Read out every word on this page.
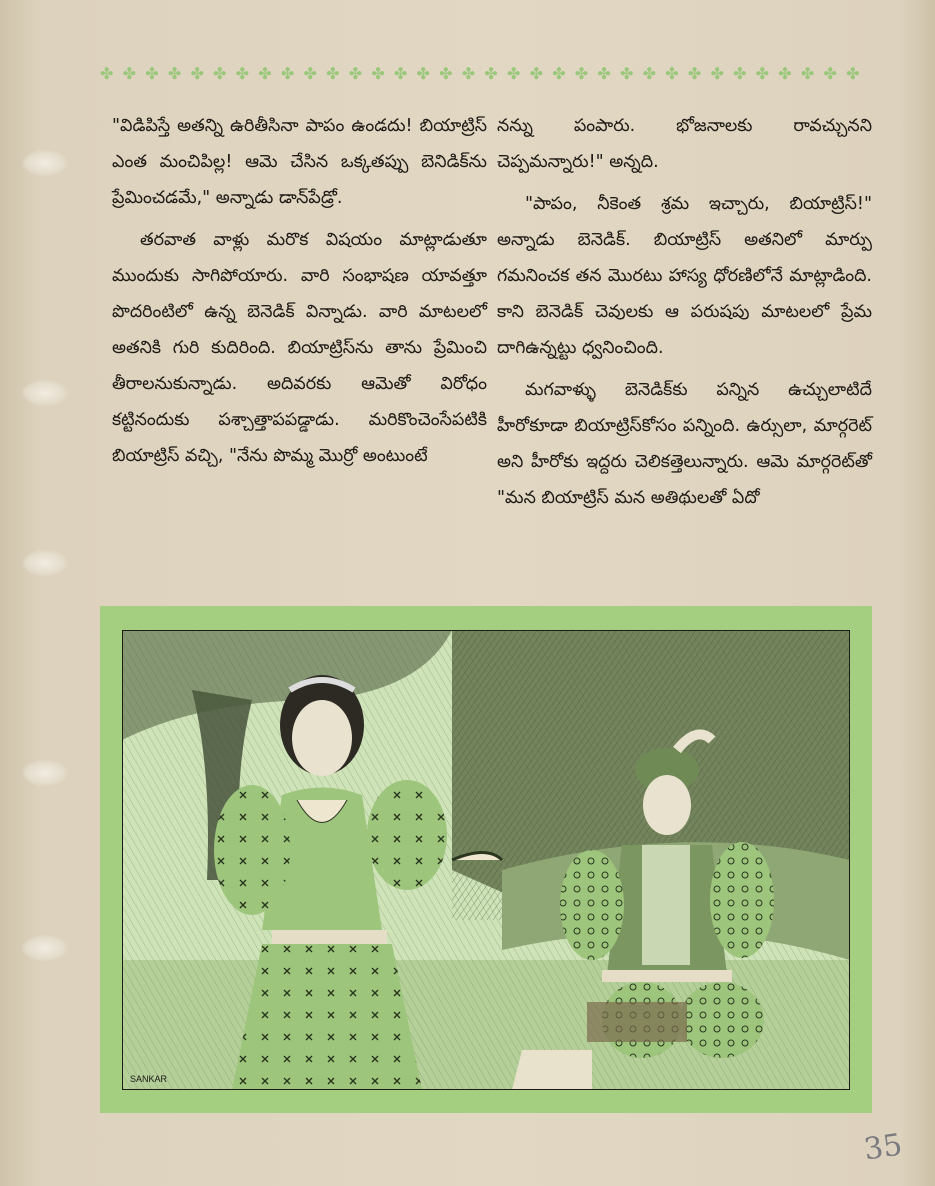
✤ ✤ ✤ ✤ ✤ ✤ ✤ ✤ ✤ ✤ ✤ ✤ ✤ ✤ ✤ ✤ ✤ ✤ ✤ ✤ ✤ ✤ ✤ ✤ ✤ ✤ ✤ ✤ ✤ ✤ ✤ ✤ ✤ ✤

"విడిపిస్తే అతన్ని ఉరితీసినా పాపం ఉండదు! బియాట్రిస్ ఎంత మంచిపిల్ల! ఆమె చేసిన ఒక్కతప్పు బెనిడిక్‌ను ప్రేమించడమే," అన్నాడు డాన్‌పేడ్రో.

తరవాత వాళ్లు మరొక విషయం మాట్లాడుతూ ముందుకు సాగిపోయారు. వారి సంభాషణ యావత్తూ పొదరింటిలో ఉన్న బెనెడిక్ విన్నాడు. వారి మాటలలో అతనికి గురి కుదిరింది. బియాట్రిస్‌ను తాను ప్రేమించి తీరాలనుకున్నాడు. అదివరకు ఆమెతో విరోధం కట్టినందుకు పశ్చాత్తాపపడ్డాడు. మరికొంచెంసేపటికి బియాట్రిస్ వచ్చి, "నేను పొమ్మ మొర్రో అంటుంటే

నన్ను పంపారు. భోజనాలకు రావచ్చునని చెప్పమన్నారు!" అన్నది.

"పాపం, నీకెంత శ్రమ ఇచ్చారు, బియాట్రిస్!" అన్నాడు బెనెడిక్. బియాట్రిస్ అతనిలో మార్పు గమనించక తన మొరటు హాస్య ధోరణిలోనే మాట్లాడింది. కాని బెనెడిక్ చెవులకు ఆ పరుషపు మాటలలో ప్రేమ దాగిఉన్నట్టు ధ్వనించింది.

మగవాళ్ళు బెనెడిక్‌కు పన్నిన ఉచ్చులాటిదే హీరోకూడా బియాట్రిస్‌కోసం పన్నింది. ఉర్సులా, మార్గరెట్ అని హీరోకు ఇద్దరు చెలికత్తెలున్నారు. ఆమె మార్గరెట్‌తో "మన బియాట్రిస్ మన అతిథులతో ఏదో

SANKAR
35
